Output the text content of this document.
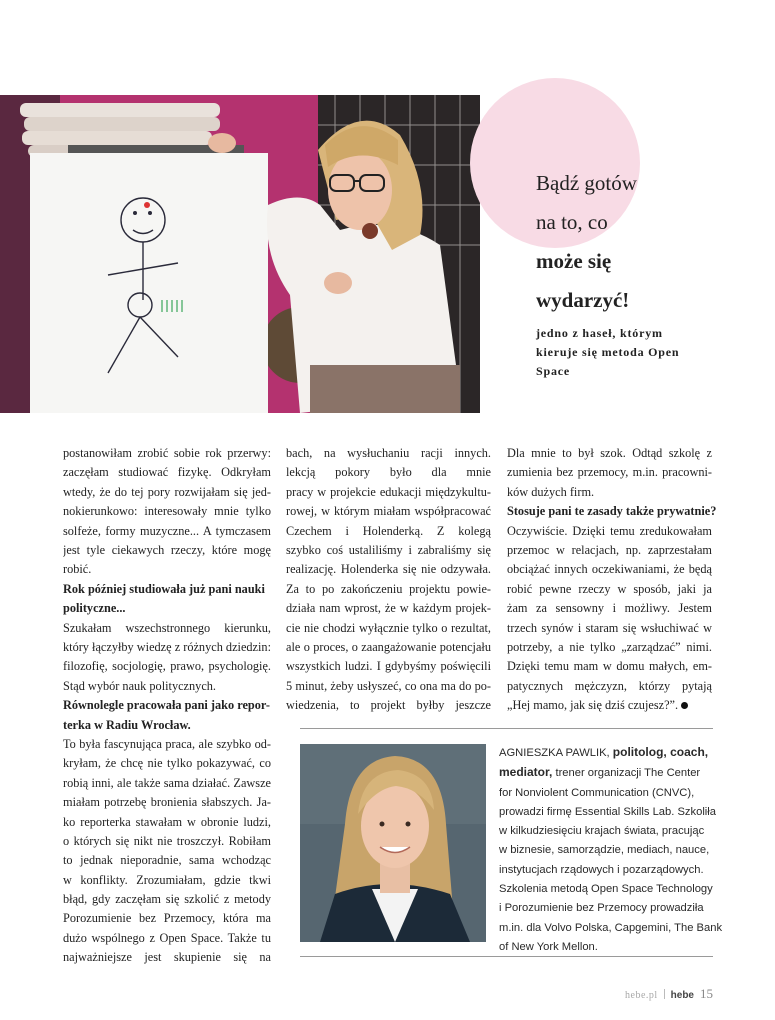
Bądź gotów
na to, co
może się
wydarzyć!
jedno z haseł, którym
kieruje się metoda Open
Space
postanowiłam zrobić sobie rok przerwy:
zaczęłam studiować fizykę. Odkryłam
wtedy, że do tej pory rozwijałam się jed-
nokierunkowo: interesowały mnie tylko
solfeże, formy muzyczne... A tymczasem
jest tyle ciekawych rzeczy, które mogę
robić.
Rok później studiowała już pani nauki
polityczne...
Szukałam wszechstronnego kierunku,
który łączyłby wiedzę z różnych dziedzin:
filozofię, socjologię, prawo, psychologię.
Stąd wybór nauk politycznych.
Równolegle pracowała pani jako repor-
terka w Radiu Wrocław.
To była fascynująca praca, ale szybko od-
kryłam, że chcę nie tylko pokazywać, co
robią inni, ale także sama działać. Zawsze
miałam potrzebę bronienia słabszych. Ja-
ko reporterka stawałam w obronie ludzi,
o których się nikt nie troszczył. Robiłam
to jednak nieporadnie, sama wchodząc
w konflikty. Zrozumiałam, gdzie tkwi
błąd, gdy zaczęłam się szkolić z metody
Porozumienie bez Przemocy, która ma
dużo wspólnego z Open Space. Także tu
najważniejsze jest skupienie się na
bach, na wysłuchaniu racji innych.
lekcją pokory było dla mnie
pracy w projekcie edukacji międzykultu-
rowej, w którym miałam współpracować
Czechem i Holenderką. Z kolegą
szybko coś ustaliliśmy i zabraliśmy się
realizację. Holenderka się nie odzywała.
Za to po zakończeniu projektu powie-
działa nam wprost, że w każdym projek-
cie nie chodzi wyłącznie tylko o rezultat,
ale o proces, o zaangażowanie potencjału
wszystkich ludzi. I gdybyśmy poświęcili
5 minut, żeby usłyszeć, co ona ma do po-
wiedzenia, to projekt byłby jeszcze
Dla mnie to był szok. Odtąd szkolę z
zumienia bez przemocy, m.in. pracowni-
ków dużych firm.
Stosuje pani te zasady także prywatnie?
Oczywiście. Dzięki temu zredukowałam
przemoc w relacjach, np. zaprzestałam
obciążać innych oczekiwaniami, że będą
robić pewne rzeczy w sposób, jaki ja
żam za sensowny i możliwy. Jestem
trzech synów i staram się wsłuchiwać w
potrzeby, a nie tylko „zarządzać” nimi.
Dzięki temu mam w domu małych, em-
patycznych mężczyzn, którzy pytają
„Hej mamo, jak się dziś czujesz?”.
AGNIESZKA PAWLIK, politolog, coach,
mediator, trener organizacji The Center
for Nonviolent Communication (CNVC),
prowadzi firmę Essential Skills Lab. Szkoliła
w kilkudziesięciu krajach świata, pracując
w biznesie, samorządzie, mediach, nauce,
instytucjach rządowych i pozarządowych.
Szkolenia metodą Open Space Technology
i Porozumienie bez Przemocy prowadziła
m.in. dla Volvo Polska, Capgemini, The Bank
of New York Mellon.
hebe.pl hebe 15
